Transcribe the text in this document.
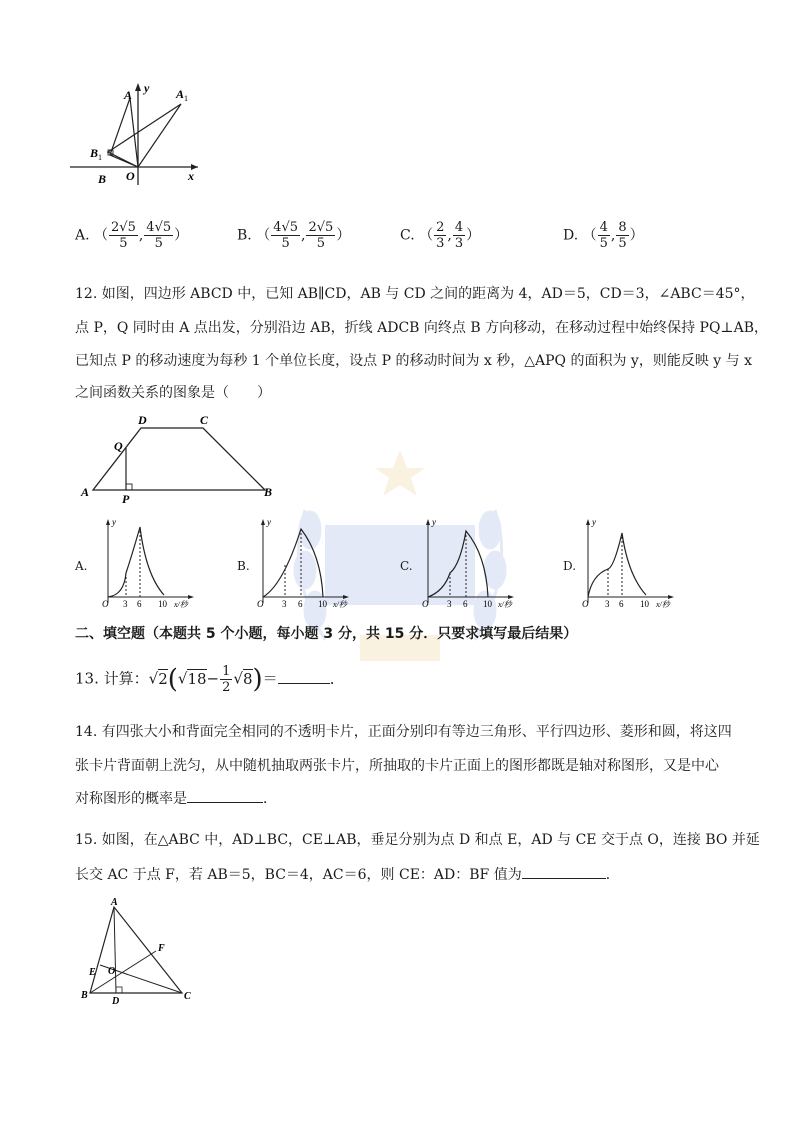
A y A 1
B 1
B O	x
A. （ $\frac{2√5}{5}$ , $\frac{4√5}{5}$ ）	B. （ $\frac{4√5}{5}$ , $\frac{2√5}{5}$ ）	C. （ $\frac{2}{3}$ , $\frac{4}{3}$ ）	D. （ $\frac{4}{5}$ , $\frac{8}{5}$ ）
12. 如图，四边形 ABCD 中，已知 AB∥CD，AB 与 CD 之间的距离为 4，AD＝5，CD＝3，∠ABC＝45°，
点 P，Q 同时由 A 点出发，分别沿边 AB，折线 ADCB 向终点 B 方向移动，在移动过程中始终保持 PQ⊥AB，
已知点 P 的移动速度为每秒 1 个单位长度，设点 P 的移动时间为 x 秒，△APQ 的面积为 y，则能反映 y 与 x
之间函数关系的图象是（　　）
D	C
Q
A	P	B
A.	B.	C.	D.
y
O 3 6 10 x/秒
y
O 3 6 10 x/秒
y
O 3 6 10 x/秒
y
O 3 6 10 x/秒
二、填空题（本题共 5 个小题，每小题 3 分，共 15 分．只要求填写最后结果）
13. 计算：$√2(√18- \frac{1}{2} √8)=$	．
14. 有四张大小和背面完全相同的不透明卡片，正面分别印有等边三角形、平行四边形、菱形和圆，将这四
张卡片背面朝上洗匀，从中随机抽取两张卡片，所抽取的卡片正面上的图形都既是轴对称图形，又是中心
对称图形的概率是	．
15. 如图，在△ABC 中，AD⊥BC，CE⊥AB，垂足分别为点 D 和点 E，AD 与 CE 交于点 O，连接 BO 并延
长交 AC 于点 F，若 AB＝5，BC＝4，AC＝6，则 CE：AD：BF 值为	．
A
F
E O
B
D	C
